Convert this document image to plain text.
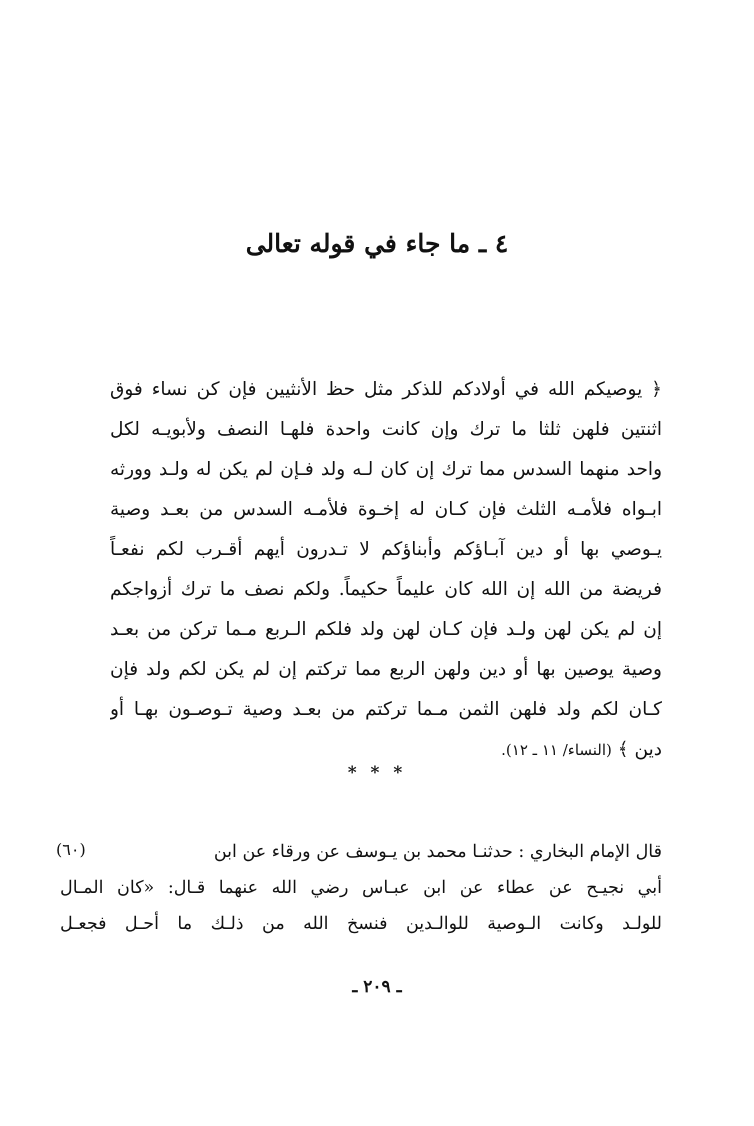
٤ ـ ما جاء في قوله تعالى
﴿ يوصيكم الله في أولادكم للذكر مثل حظ الأنثيين فإن كن نساء فوق
اثنتين فلهن ثلثا ما ترك وإن كانت واحدة فلهـا النصف ولأبويـه لكل
واحد منهما السدس مما ترك إن كان لـه ولد فـإن لم يكن له ولـد وورثه
ابـواه فلأمـه الثلث فإن كـان له إخـوة فلأمـه السدس من بعـد وصية
يـوصي بها أو دين آبـاؤكم وأبناؤكم لا تـدرون أيهم أقـرب لكم نفعـاً
فريضة من الله إن الله كان عليماً حكيماً. ولكم نصف ما ترك أزواجكم
إن لم يكن لهن ولـد فإن كـان لهن ولد فلكم الـربع مـما تركن من بعـد
وصية يوصين بها أو دين ولهن الربع مما تركتم إن لم يكن لكم ولد فإن
كـان لكم ولد فلهن الثمن مـما تركتم من بعـد وصية تـوصـون بهـا أو
دين ﴾ (النساء/ ١١ ـ ١٢).
* * *
(٦٠)	قال الإمام البخاري : حدثنـا محمد بن يـوسف عن ورقاء عن ابن
أبي نجيـح عن عطاء عن ابن عبـاس رضي الله عنهما قـال: «كان المـال
للولـد وكانت الـوصية للوالـدين فنسخ الله من ذلـك ما أحـل فجعـل
ـ ٢٠٩ ـ
